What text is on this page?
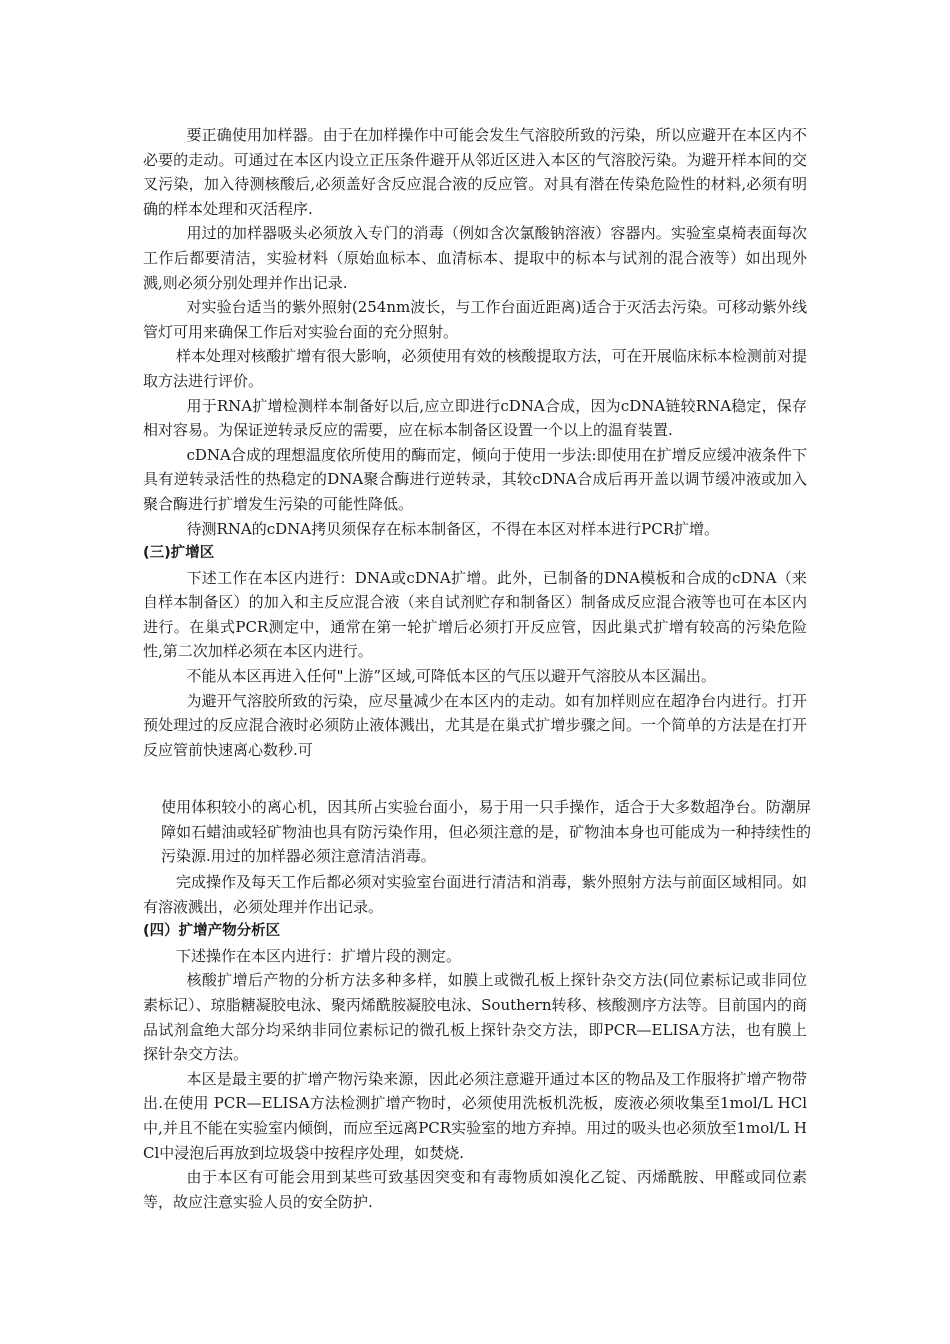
要正确使用加样器。由于在加样操作中可能会发生气溶胶所致的污染，所以应避开在本区内不必要的走动。可通过在本区内设立正压条件避开从邻近区进入本区的气溶胶污染。为避开样本间的交叉污染，加入待测核酸后,必须盖好含反应混合液的反应管。对具有潜在传染危险性的材料,必须有明确的样本处理和灭活程序.

用过的加样器吸头必须放入专门的消毒（例如含次氯酸钠溶液）容器内。实验室桌椅表面每次工作后都要清洁，实验材料（原始血标本、血清标本、提取中的标本与试剂的混合液等）如出现外溅,则必须分别处理并作出记录.

对实验台适当的紫外照射(254nm波长，与工作台面近距离)适合于灭活去污染。可移动紫外线管灯可用来确保工作后对实验台面的充分照射。

样本处理对核酸扩增有很大影响，必须使用有效的核酸提取方法，可在开展临床标本检测前对提取方法进行评价。

用于RNA扩增检测样本制备好以后,应立即进行cDNA合成，因为cDNA链较RNA稳定，保存相对容易。为保证逆转录反应的需要，应在标本制备区设置一个以上的温育装置.

cDNA合成的理想温度依所使用的酶而定，倾向于使用一步法:即使用在扩增反应缓冲液条件下具有逆转录活性的热稳定的DNA聚合酶进行逆转录，其较cDNA合成后再开盖以调节缓冲液或加入聚合酶进行扩增发生污染的可能性降低。

待测RNA的cDNA拷贝须保存在标本制备区，不得在本区对样本进行PCR扩增。

(三)扩增区

下述工作在本区内进行：DNA或cDNA扩增。此外，已制备的DNA模板和合成的cDNA（来自样本制备区）的加入和主反应混合液（来自试剂贮存和制备区）制备成反应混合液等也可在本区内进行。在巢式PCR测定中，通常在第一轮扩增后必须打开反应管，因此巢式扩增有较高的污染危险性,第二次加样必须在本区内进行。

不能从本区再进入任何"上游”区域,可降低本区的气压以避开气溶胶从本区漏出。

为避开气溶胶所致的污染，应尽量减少在本区内的走动。如有加样则应在超净台内进行。打开预处理过的反应混合液时必须防止液体溅出，尤其是在巢式扩增步骤之间。一个简单的方法是在打开反应管前快速离心数秒.可

使用体积较小的离心机，因其所占实验台面小，易于用一只手操作，适合于大多数超净台。防潮屏障如石蜡油或轻矿物油也具有防污染作用，但必须注意的是，矿物油本身也可能成为一种持续性的污染源.用过的加样器必须注意清洁消毒。

完成操作及每天工作后都必须对实验室台面进行清洁和消毒，紫外照射方法与前面区域相同。如有溶液溅出，必须处理并作出记录。

(四）扩增产物分析区

下述操作在本区内进行：扩增片段的测定。

核酸扩增后产物的分析方法多种多样，如膜上或微孔板上探针杂交方法(同位素标记或非同位素标记）、琼脂糖凝胶电泳、聚丙烯酰胺凝胶电泳、Southern转移、核酸测序方法等。目前国内的商品试剂盒绝大部分均采纳非同位素标记的微孔板上探针杂交方法，即PCR—ELISA方法，也有膜上探针杂交方法。

本区是最主要的扩增产物污染来源，因此必须注意避开通过本区的物品及工作服将扩增产物带出.在使用 PCR—ELISA方法检测扩增产物时，必须使用洗板机洗板，废液必须收集至1mol/L HCl中,并且不能在实验室内倾倒，而应至远离PCR实验室的地方弃掉。用过的吸头也必须放至1mol/L HCl中浸泡后再放到垃圾袋中按程序处理，如焚烧.

由于本区有可能会用到某些可致基因突变和有毒物质如溴化乙锭、丙烯酰胺、甲醛或同位素等，故应注意实验人员的安全防护.
